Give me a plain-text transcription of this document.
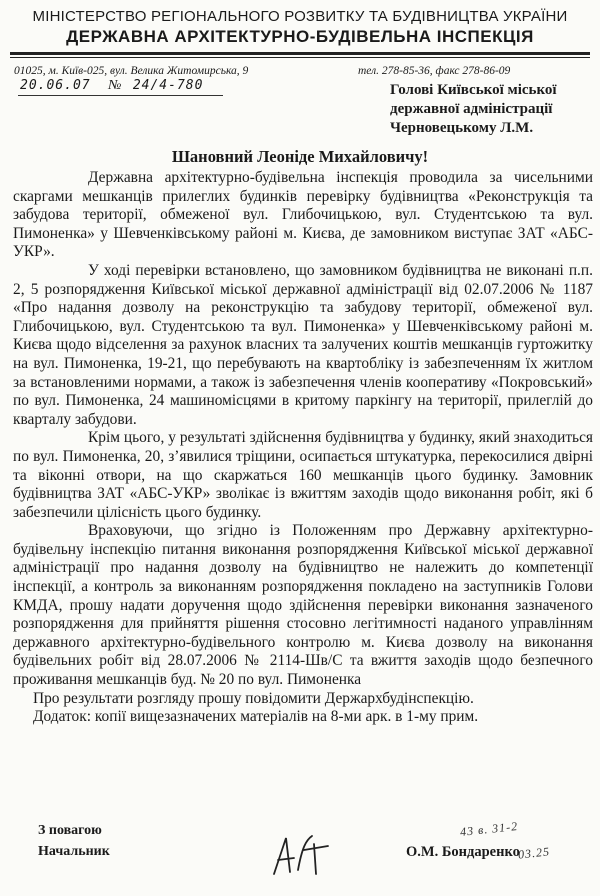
МІНІСТЕРСТВО РЕГІОНАЛЬНОГО РОЗВИТКУ ТА БУДІВНИЦТВА УКРАЇНИ
ДЕРЖАВНА АРХІТЕКТУРНО-БУДІВЕЛЬНА ІНСПЕКЦІЯ
01025, м. Київ-025, вул. Велика Житомирська, 9	тел. 278-85-36, факс 278-86-09
20.06.07 № 24/4-780	Голові Київської міської
державної адміністрації
Черновецькому Л.М.
Шановний Леоніде Михайловичу!

Державна архітектурно-будівельна інспекція проводила за чисельними скаргами мешканців прилеглих будинків перевірку будівництва «Реконструкція та забудова території, обмеженої вул. Глибочицькою, вул. Студентською та вул. Пимоненка» у Шевченківському районі м. Києва, де замовником виступає ЗАТ «АБС-УКР».

У ході перевірки встановлено, що замовником будівництва не виконані п.п. 2, 5 розпорядження Київської міської державної адміністрації від 02.07.2006 № 1187 «Про надання дозволу на реконструкцію та забудову території, обмеженої вул. Глибочицькою, вул. Студентською та вул. Пимоненка» у Шевченківському районі м. Києва щодо відселення за рахунок власних та залучених коштів мешканців гуртожитку на вул. Пимоненка, 19-21, що перебувають на квартобліку із забезпеченням їх житлом за встановленими нормами, а також із забезпечення членів кооперативу «Покровський» по вул. Пимоненка, 24 машиномісцями в критому паркінгу на території, прилеглій до кварталу забудови.

Крім цього, у результаті здійснення будівництва у будинку, який знаходиться по вул. Пимоненка, 20, з’явилися тріщини, осипається штукатурка, перекосилися двірні та віконні отвори, на що скаржаться 160 мешканців цього будинку. Замовник будівництва ЗАТ «АБС-УКР» зволікає із вжиттям заходів щодо виконання робіт, які б забезпечили цілісність цього будинку.

Враховуючи, що згідно із Положенням про Державну архітектурно-будівельну інспекцію питання виконання розпорядження Київської міської державної адміністрації про надання дозволу на будівництво не належить до компетенції інспекції, а контроль за виконанням розпорядження покладено на заступників Голови КМДА, прошу надати доручення щодо здійснення перевірки виконання зазначеного розпорядження для прийняття рішення стосовно легітимності наданого управлінням державного архітектурно-будівельного контролю м. Києва дозволу на виконання будівельних робіт від 28.07.2006 № 2114-Шв/С та вжиття заходів щодо безпечного проживання мешканців буд. № 20 по вул. Пимоненка

Про результати розгляду прошу повідомити Держархбудінспекцію.

Додаток: копії вищезазначених матеріалів на 8-ми арк. в 1-му прим.

З повагою
Начальник	О.М. Бондаренко
43 в. 31-2
03.25
